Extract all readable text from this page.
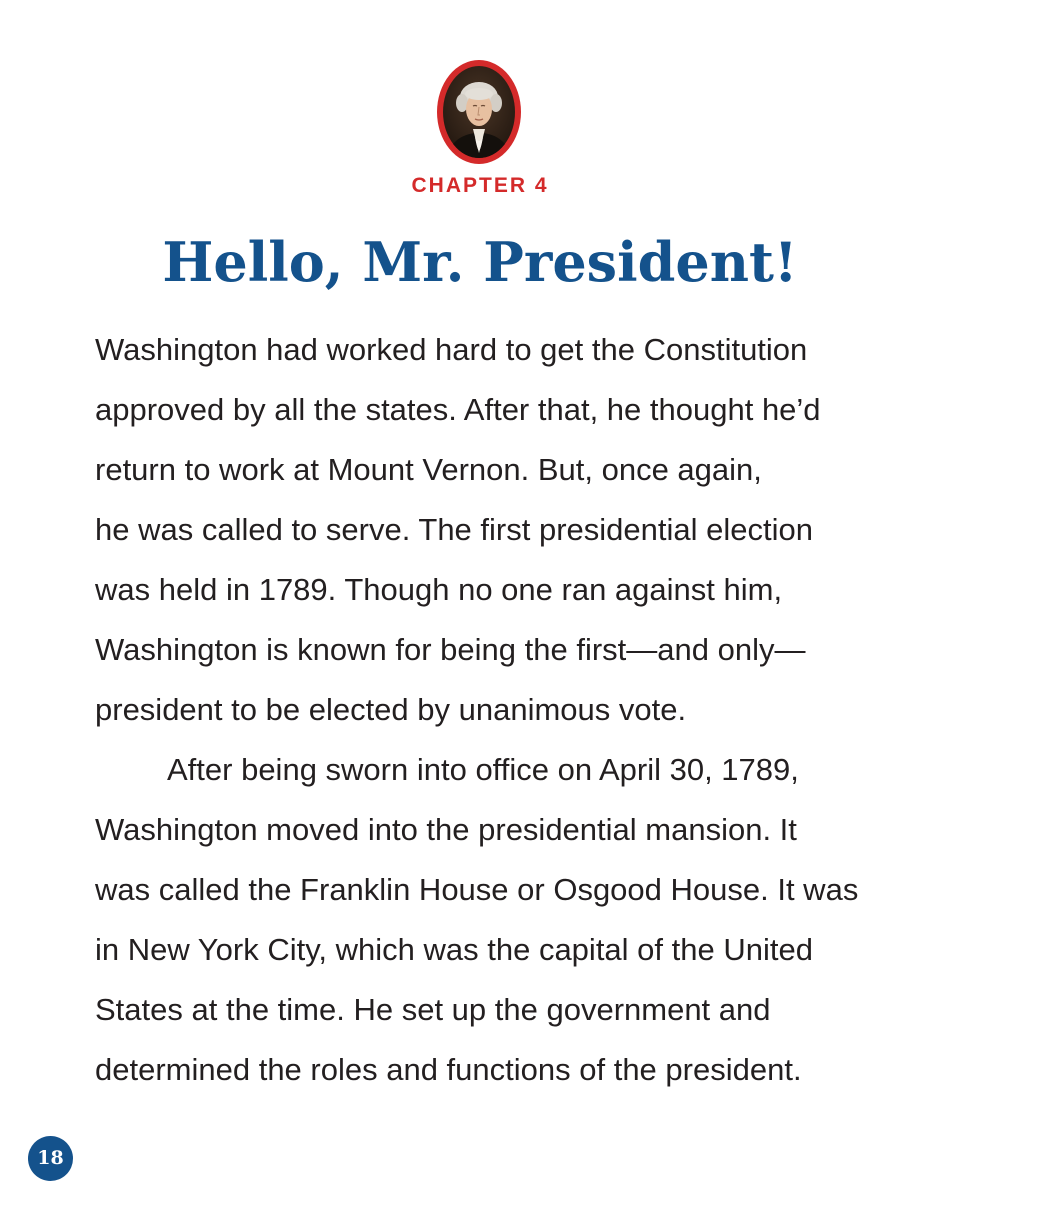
CHAPTER 4
Hello, Mr. President!
Washington had worked hard to get the Constitution
approved by all the states. After that, he thought he’d
return to work at Mount Vernon. But, once again,
he was called to serve. The first presidential election
was held in 1789. Though no one ran against him,
Washington is known for being the first—and only—
president to be elected by unanimous vote.
After being sworn into office on April 30, 1789,
Washington moved into the presidential mansion. It
was called the Franklin House or Osgood House. It was
in New York City, which was the capital of the United
States at the time. He set up the government and
determined the roles and functions of the president.
18
